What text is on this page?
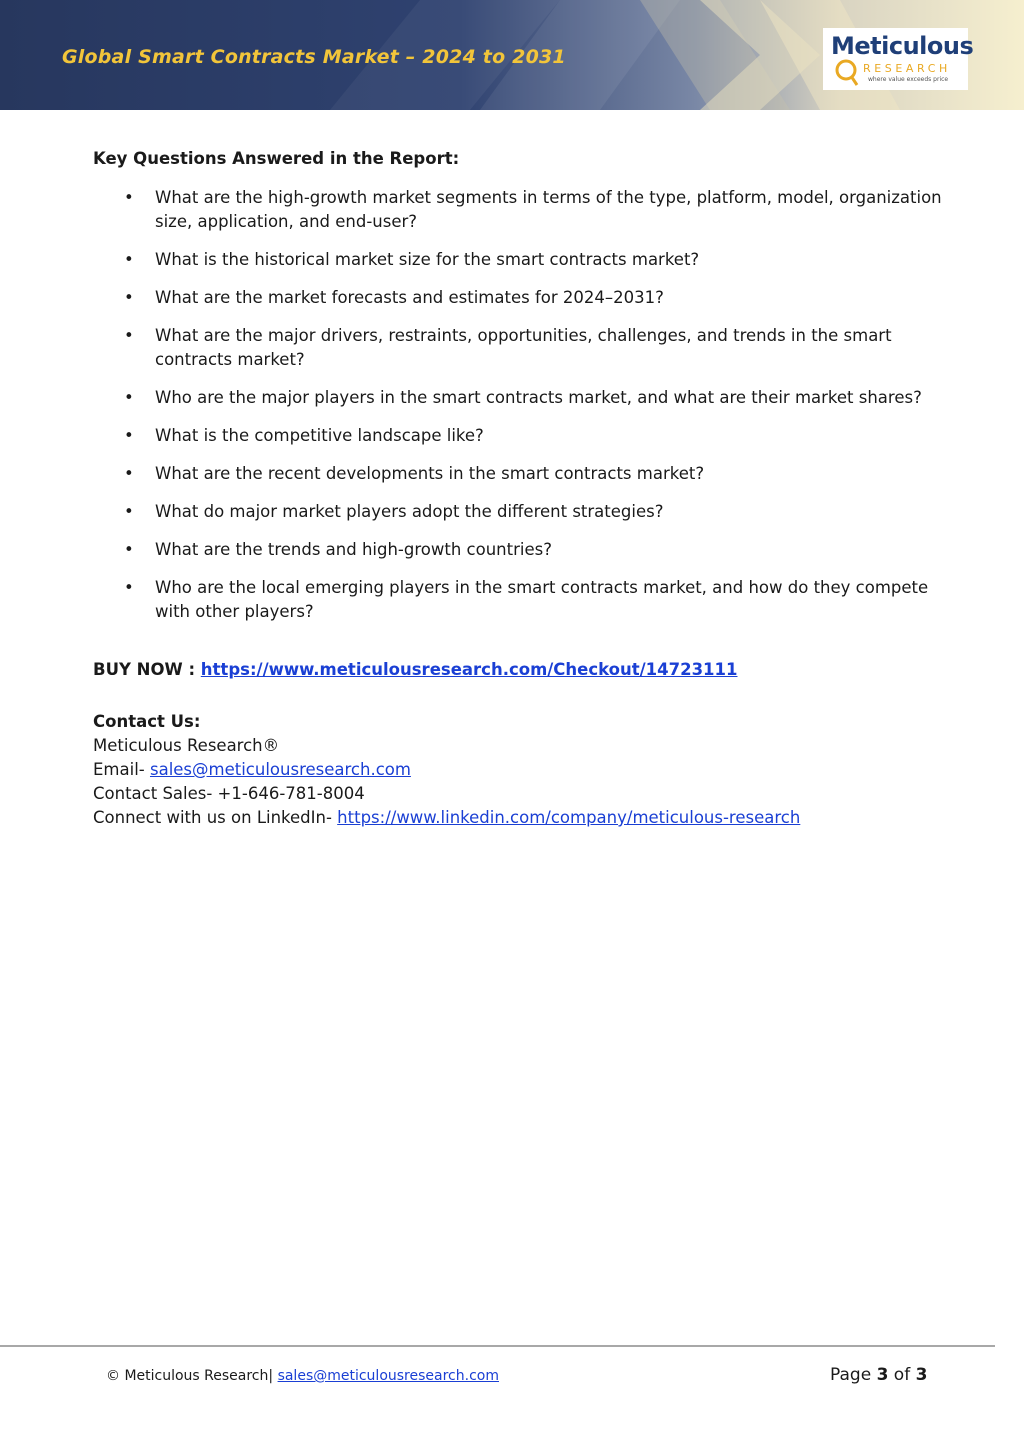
Global Smart Contracts Market – 2024 to 2031	Meticulous
RESEARCH
where value exceeds price
Key Questions Answered in the Report:
• What are the high-growth market segments in terms of the type, platform, model, organization size, application, and end-user?
• What is the historical market size for the smart contracts market?
• What are the market forecasts and estimates for 2024–2031?
• What are the major drivers, restraints, opportunities, challenges, and trends in the smart contracts market?
• Who are the major players in the smart contracts market, and what are their market shares?
• What is the competitive landscape like?
• What are the recent developments in the smart contracts market?
• What do major market players adopt the different strategies?
• What are the trends and high-growth countries?
• Who are the local emerging players in the smart contracts market, and how do they compete with other players?
BUY NOW : https://www.meticulousresearch.com/Checkout/14723111
Contact Us:
Meticulous Research®
Email- sales@meticulousresearch.com
Contact Sales- +1-646-781-8004
Connect with us on LinkedIn- https://www.linkedin.com/company/meticulous-research
© Meticulous Research| sales@meticulousresearch.com	Page 3 of 3
